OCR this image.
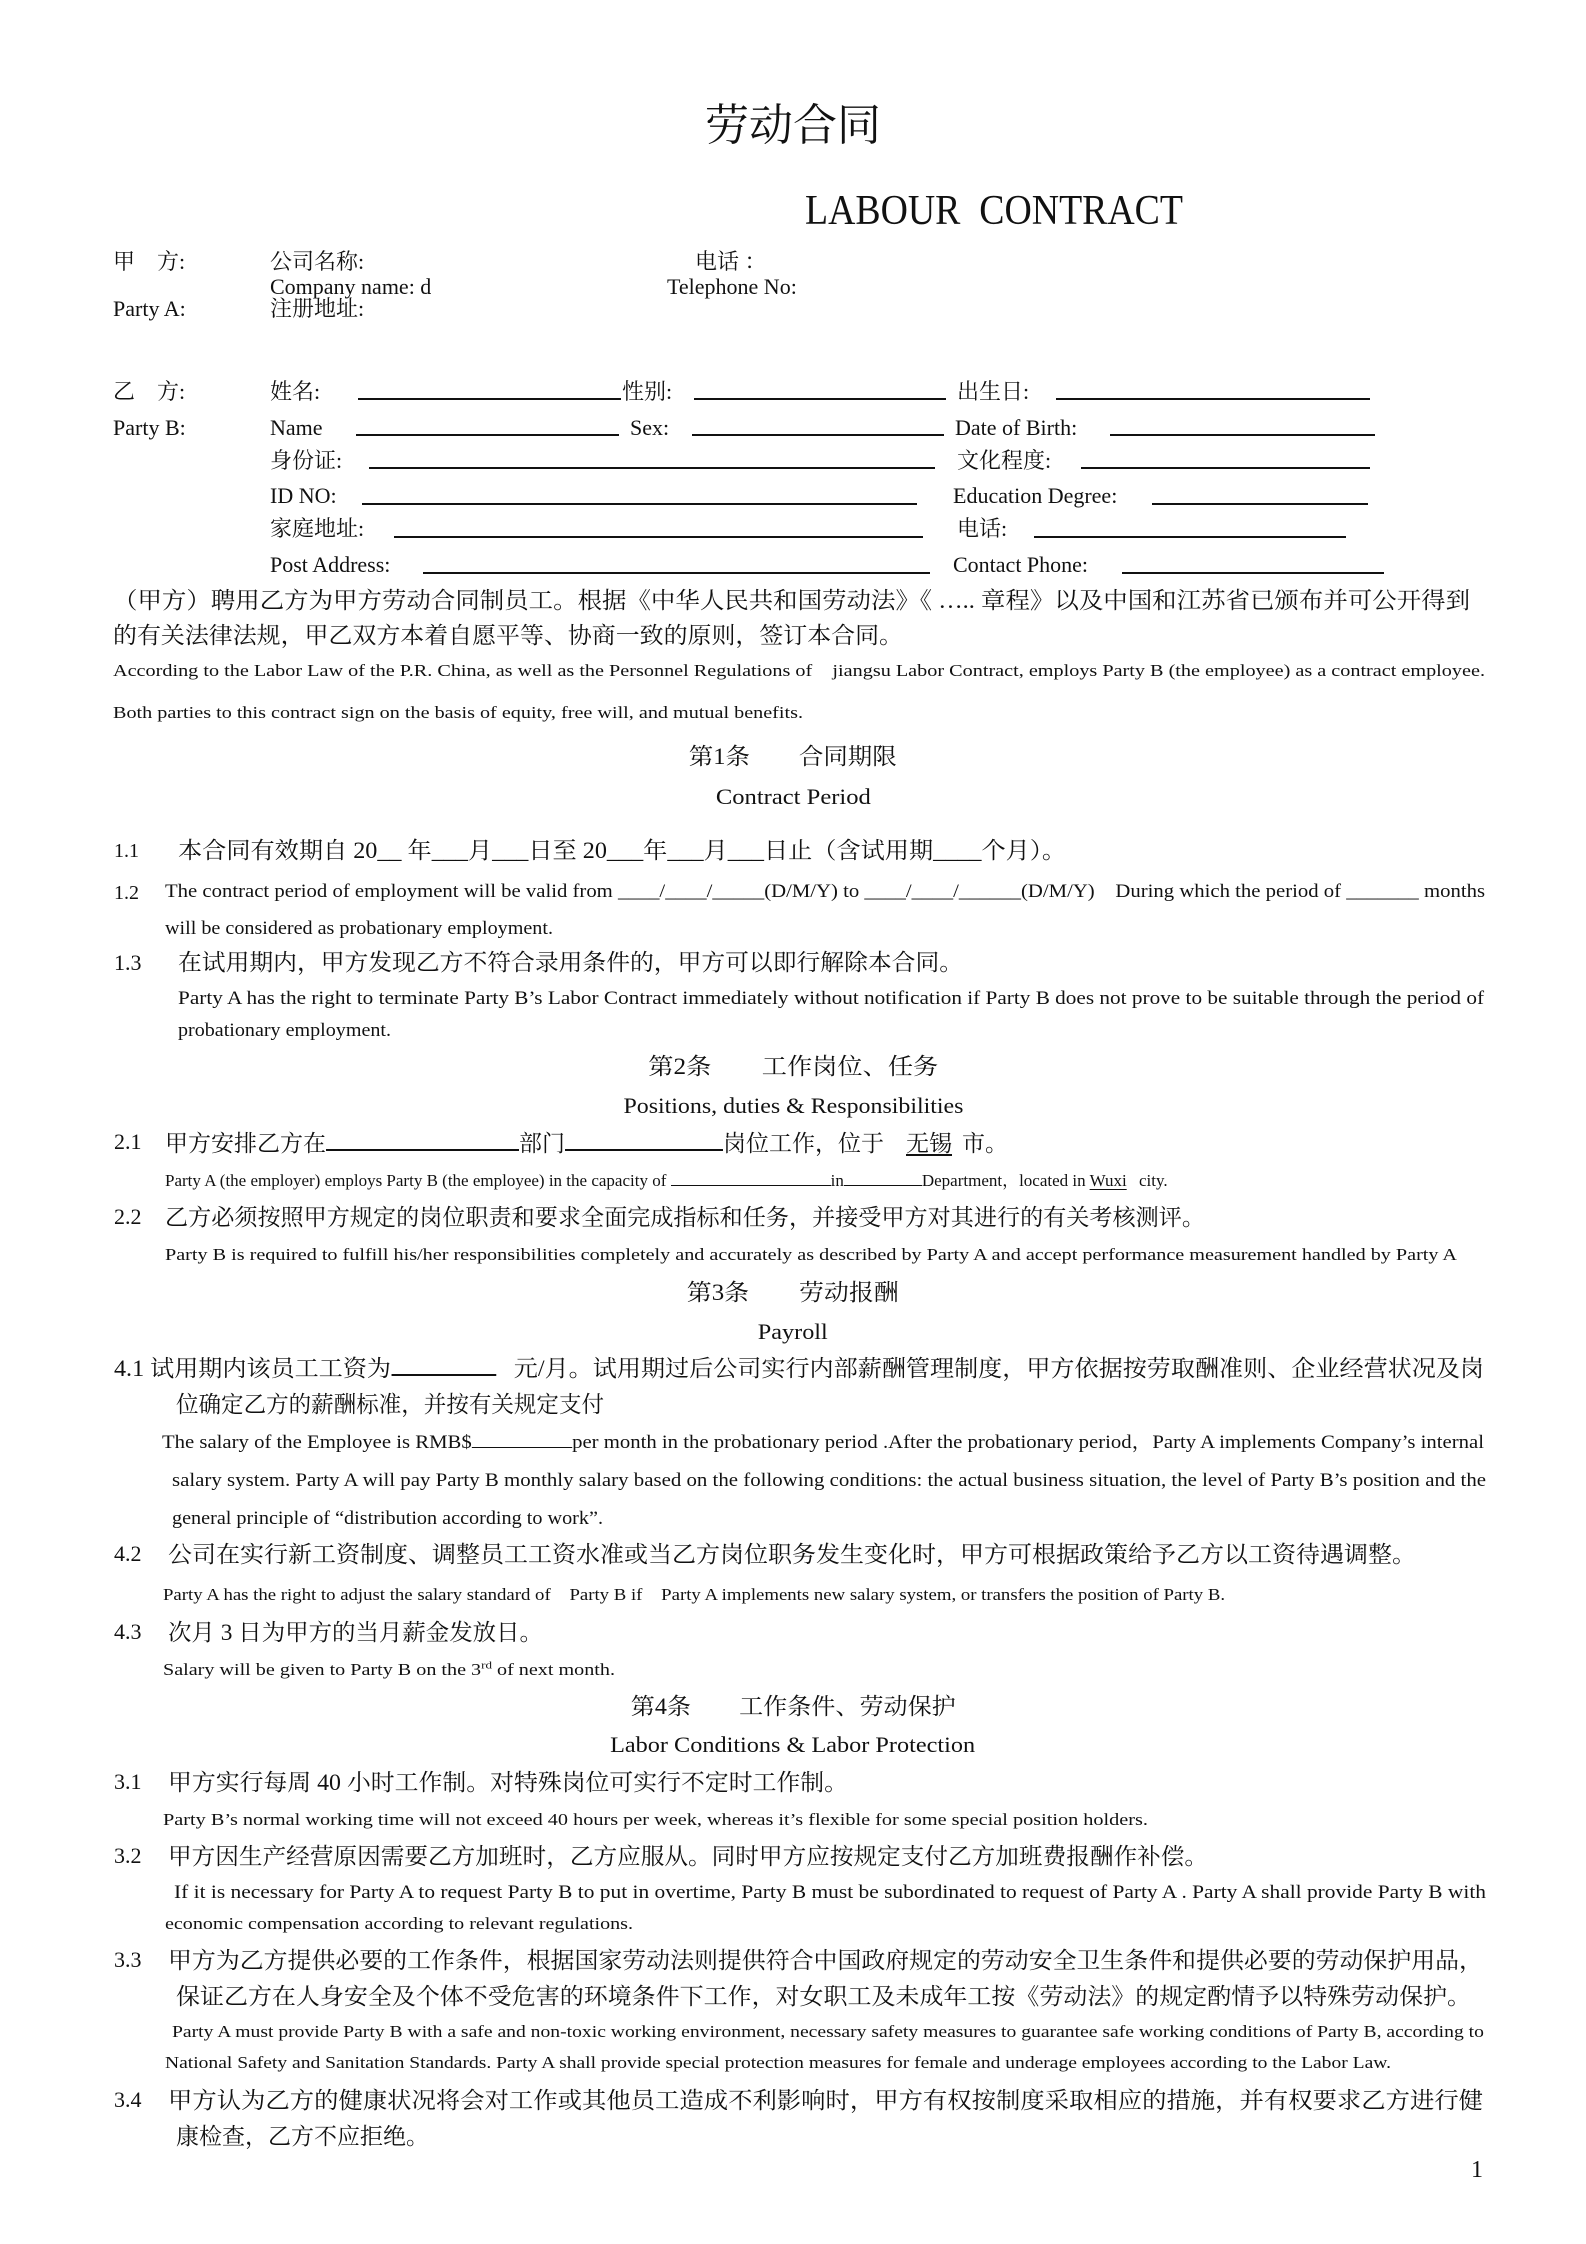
劳动合同
LABOUR  CONTRACT
甲　方:	公司名称:	电话 ：
Company name: d	Telephone No:
Party A:	注册地址:
乙　方:	姓名:	性别:	出生日:
Party B:	Name	Sex:	Date of Birth:
身份证:	文化程度:
ID NO:	Education Degree:
家庭地址:	电话:
Post Address:	Contact Phone:
（甲方）聘用乙方为甲方劳动合同制员工。根据《中华人民共和国劳动法》《 ….. 章程》以及中国和江苏省已颁布并可公开得到
的有关法律法规，甲乙双方本着自愿平等、协商一致的原则，签订本合同。
According to the Labor Law of the P.R. China, as well as the Personnel Regulations of    jiangsu Labor Contract, employs Party B (the employee) as a contract employee.
Both parties to this contract sign on the basis of equity, free will, and mutual benefits.
第1条　　合同期限
Contract Period
1.1 本合同有效期自 20__ 年___月___日至 20___年___月___日止（含试用期____个月）。
1.2 The contract period of employment will be valid from ____/____/_____(D/M/Y) to ____/____/______(D/M/Y)    During which the period of _______ months
will be considered as probationary employment.
1.3 在试用期内，甲方发现乙方不符合录用条件的，甲方可以即行解除本合同。
Party A has the right to terminate Party B’s Labor Contract immediately without notification if Party B does not prove to be suitable through the period of
probationary employment.
第2条　　工作岗位、任务
Positions, duties & Responsibilities
2.1 甲方安排乙方在	部门	岗位工作，位于 无锡 市。
Party A (the employer) employs Party B (the employee) in the capacity of	in	Department，located in Wuxi city.
2.2 乙方必须按照甲方规定的岗位职责和要求全面完成指标和任务，并接受甲方对其进行的有关考核测评。
Party B is required to fulfill his/her responsibilities completely and accurately as described by Party A and accept performance measurement handled by Party A
第3条　　劳动报酬
Payroll
4.1 试用期内该员工工资为	元/月。试用期过后公司实行内部薪酬管理制度，甲方依据按劳取酬准则、企业经营状况及岗
位确定乙方的薪酬标准，并按有关规定支付
The salary of the Employee is RMB$	per month in the probationary period .After the probationary period，Party A implements Company’s internal
salary system. Party A will pay Party B monthly salary based on the following conditions: the actual business situation, the level of Party B’s position and the
general principle of “distribution according to work”.
4.2 公司在实行新工资制度、调整员工工资水准或当乙方岗位职务发生变化时，甲方可根据政策给予乙方以工资待遇调整。
Party A has the right to adjust the salary standard of    Party B if    Party A implements new salary system, or transfers the position of Party B.
4.3 次月 3 日为甲方的当月薪金发放日。
Salary will be given to Party B on the 3rd of next month.
第4条　　工作条件、劳动保护
Labor Conditions & Labor Protection
3.1 甲方实行每周 40 小时工作制。对特殊岗位可实行不定时工作制。
Party B’s normal working time will not exceed 40 hours per week, whereas it’s flexible for some special position holders.
3.2 甲方因生产经营原因需要乙方加班时，乙方应服从。同时甲方应按规定支付乙方加班费报酬作补偿。
If it is necessary for Party A to request Party B to put in overtime, Party B must be subordinated to request of Party A . Party A shall provide Party B with
economic compensation according to relevant regulations.
3.3 甲方为乙方提供必要的工作条件，根据国家劳动法则提供符合中国政府规定的劳动安全卫生条件和提供必要的劳动保护用品，
保证乙方在人身安全及个体不受危害的环境条件下工作，对女职工及未成年工按《劳动法》的规定酌情予以特殊劳动保护。
Party A must provide Party B with a safe and non-toxic working environment, necessary safety measures to guarantee safe working conditions of Party B, according to
National Safety and Sanitation Standards. Party A shall provide special protection measures for female and underage employees according to the Labor Law.
3.4 甲方认为乙方的健康状况将会对工作或其他员工造成不利影响时，甲方有权按制度采取相应的措施，并有权要求乙方进行健
康检查，乙方不应拒绝。
1
